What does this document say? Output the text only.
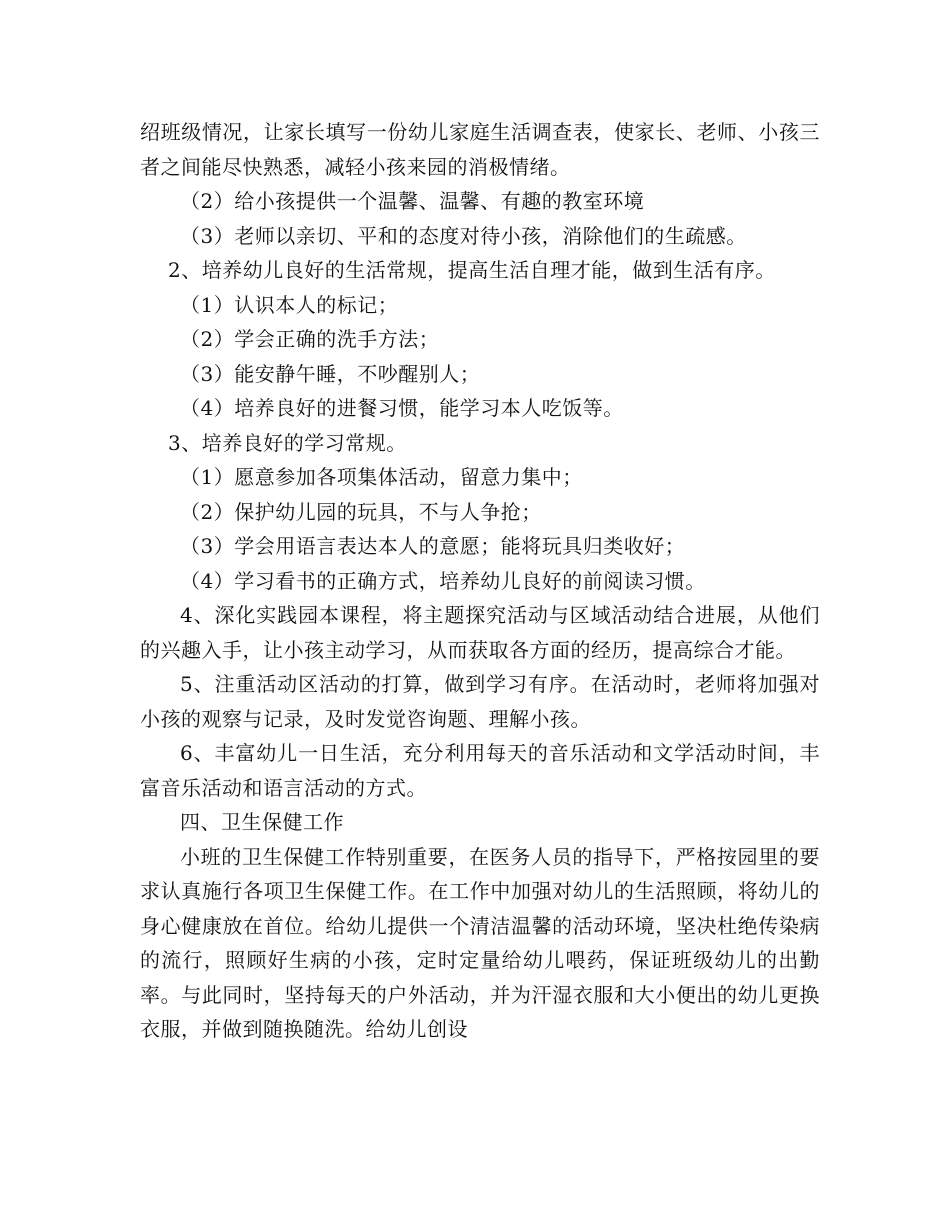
绍班级情况，让家长填写一份幼儿家庭生活调查表，使家长、老师、小孩三者之间能尽快熟悉，减轻小孩来园的消极情绪。

（2）给小孩提供一个温馨、温馨、有趣的教室环境

（3）老师以亲切、平和的态度对待小孩，消除他们的生疏感。

2、培养幼儿良好的生活常规，提高生活自理才能，做到生活有序。

（1）认识本人的标记；

（2）学会正确的洗手方法；

（3）能安静午睡，不吵醒别人；

（4）培养良好的进餐习惯，能学习本人吃饭等。

3、培养良好的学习常规。

（1）愿意参加各项集体活动，留意力集中；

（2）保护幼儿园的玩具，不与人争抢；

（3）学会用语言表达本人的意愿；能将玩具归类收好；

（4）学习看书的正确方式，培养幼儿良好的前阅读习惯。

4、深化实践园本课程，将主题探究活动与区域活动结合进展，从他们的兴趣入手，让小孩主动学习，从而获取各方面的经历，提高综合才能。

5、注重活动区活动的打算，做到学习有序。在活动时，老师将加强对小孩的观察与记录，及时发觉咨询题、理解小孩。

6、丰富幼儿一日生活，充分利用每天的音乐活动和文学活动时间，丰富音乐活动和语言活动的方式。

四、卫生保健工作

小班的卫生保健工作特别重要，在医务人员的指导下，严格按园里的要求认真施行各项卫生保健工作。在工作中加强对幼儿的生活照顾，将幼儿的身心健康放在首位。给幼儿提供一个清洁温馨的活动环境，坚决杜绝传染病的流行，照顾好生病的小孩，定时定量给幼儿喂药，保证班级幼儿的出勤率。与此同时，坚持每天的户外活动，并为汗湿衣服和大小便出的幼儿更换衣服，并做到随换随洗。给幼儿创设
